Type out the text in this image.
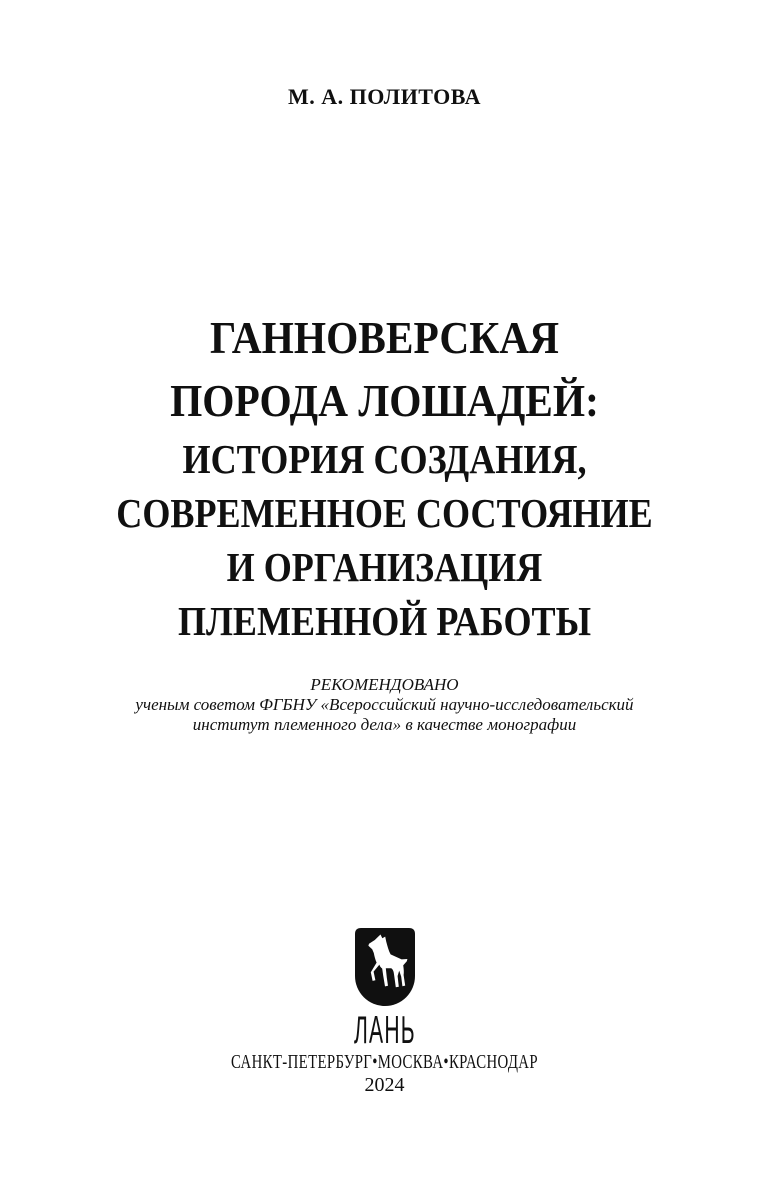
М. А. ПОЛИТОВА
ГАННОВЕРСКАЯ
ПОРОДА ЛОШАДЕЙ:
ИСТОРИЯ СОЗДАНИЯ,
СОВРЕМЕННОЕ СОСТОЯНИЕ
И ОРГАНИЗАЦИЯ
ПЛЕМЕННОЙ РАБОТЫ
РЕКОМЕНДОВАНО
ученым советом ФГБНУ «Всероссийский научно-исследовательский
институт племенного дела» в качестве монографии
ЛАНЬ
САНКТ-ПЕТЕРБУРГ•МОСКВА•КРАСНОДАР
2024
